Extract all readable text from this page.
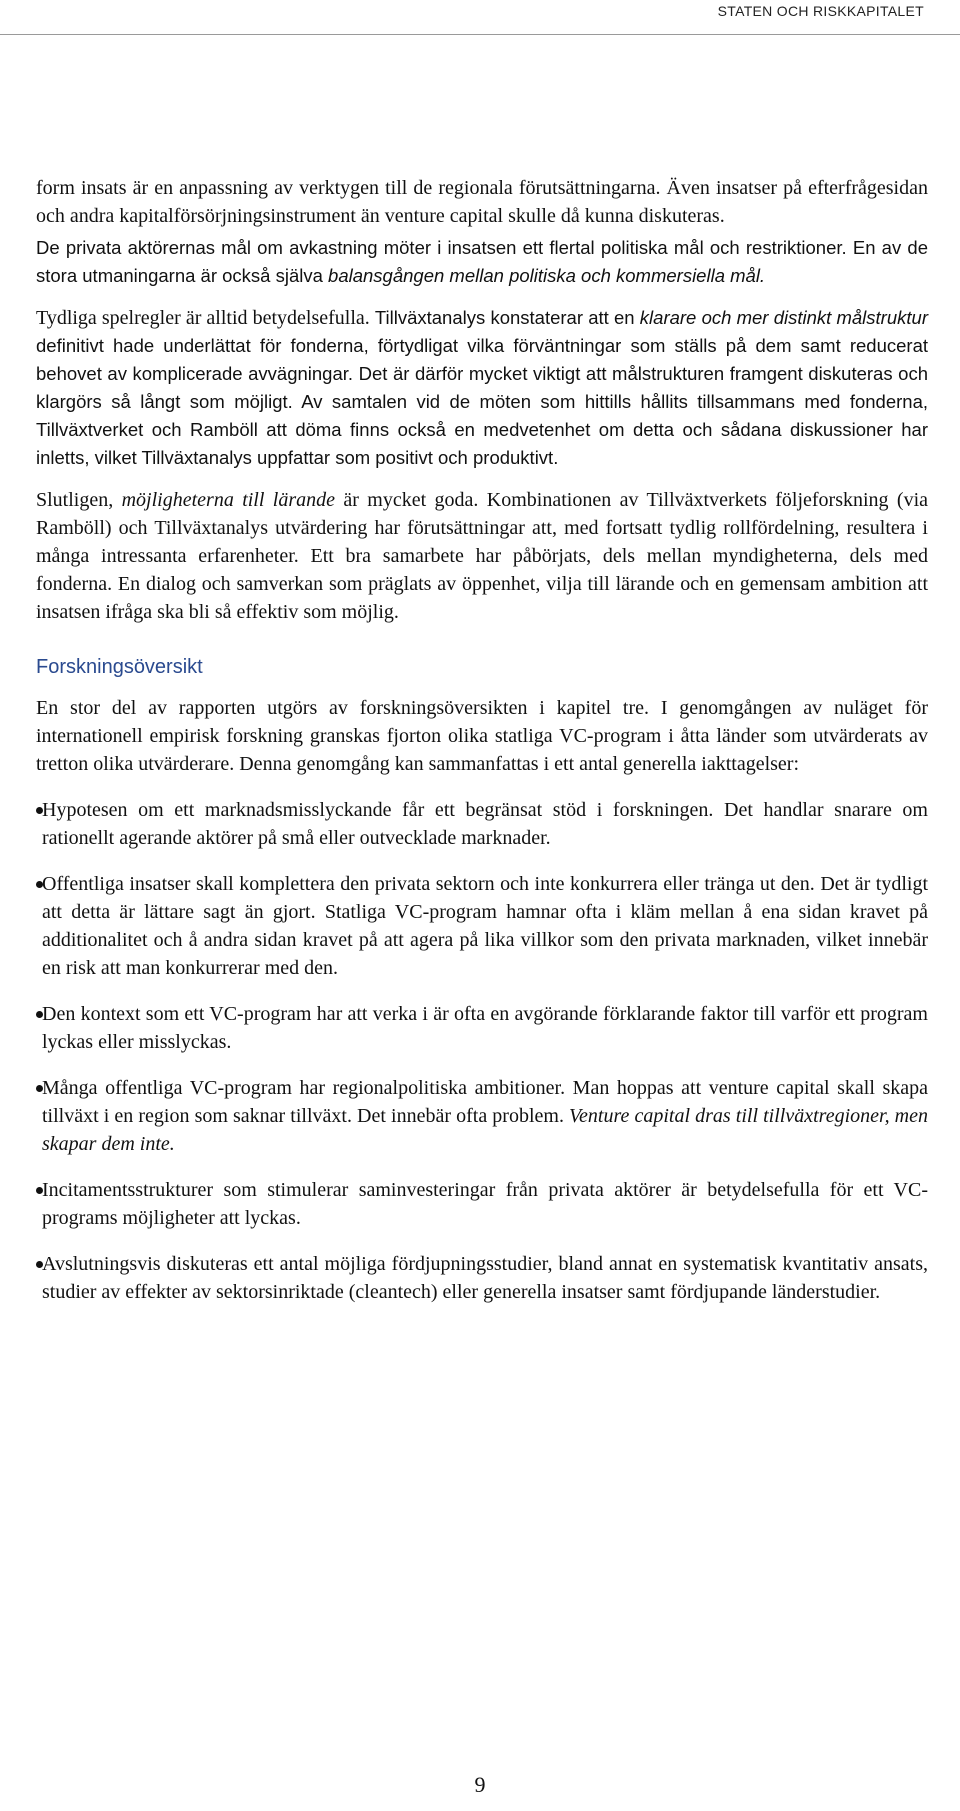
STATEN OCH RISKKAPITALET

form insats är en anpassning av verktygen till de regionala förutsättningarna. Även insatser på efterfrågesidan och andra kapitalförsörjningsinstrument än venture capital skulle då kunna diskuteras.

De privata aktörernas mål om avkastning möter i insatsen ett flertal politiska mål och restriktioner. En av de stora utmaningarna är också själva balansgången mellan politiska och kommersiella mål.

Tydliga spelregler är alltid betydelsefulla. Tillväxtanalys konstaterar att en klarare och mer distinkt målstruktur definitivt hade underlättat för fonderna, förtydligat vilka förväntningar som ställs på dem samt reducerat behovet av komplicerade avvägningar. Det är därför mycket viktigt att målstrukturen framgent diskuteras och klargörs så långt som möjligt. Av samtalen vid de möten som hittills hållits tillsammans med fonderna, Tillväxtverket och Ramböll att döma finns också en medvetenhet om detta och sådana diskussioner har inletts, vilket Tillväxtanalys uppfattar som positivt och produktivt.

Slutligen, möjligheterna till lärande är mycket goda. Kombinationen av Tillväxtverkets följeforskning (via Ramböll) och Tillväxtanalys utvärdering har förutsättningar att, med fortsatt tydlig rollfördelning, resultera i många intressanta erfarenheter. Ett bra samarbete har påbörjats, dels mellan myndigheterna, dels med fonderna. En dialog och samverkan som präglats av öppenhet, vilja till lärande och en gemensam ambition att insatsen ifråga ska bli så effektiv som möjlig.

Forskningsöversikt

En stor del av rapporten utgörs av forskningsöversikten i kapitel tre. I genomgången av nuläget för internationell empirisk forskning granskas fjorton olika statliga VC-program i åtta länder som utvärderats av tretton olika utvärderare. Denna genomgång kan sammanfattas i ett antal generella iakttagelser:

Hypotesen om ett marknadsmisslyckande får ett begränsat stöd i forskningen. Det handlar snarare om rationellt agerande aktörer på små eller outvecklade marknader.
Offentliga insatser skall komplettera den privata sektorn och inte konkurrera eller tränga ut den. Det är tydligt att detta är lättare sagt än gjort. Statliga VC-program hamnar ofta i kläm mellan å ena sidan kravet på additionalitet och å andra sidan kravet på att agera på lika villkor som den privata marknaden, vilket innebär en risk att man konkurrerar med den.
Den kontext som ett VC-program har att verka i är ofta en avgörande förklarande faktor till varför ett program lyckas eller misslyckas.
Många offentliga VC-program har regionalpolitiska ambitioner. Man hoppas att venture capital skall skapa tillväxt i en region som saknar tillväxt. Det innebär ofta problem. Venture capital dras till tillväxtregioner, men skapar dem inte.
Incitamentsstrukturer som stimulerar saminvesteringar från privata aktörer är betydelsefulla för ett VC-programs möjligheter att lyckas.
Avslutningsvis diskuteras ett antal möjliga fördjupningsstudier, bland annat en systematisk kvantitativ ansats, studier av effekter av sektorsinriktade (cleantech) eller generella insatser samt fördjupande länderstudier.
9
